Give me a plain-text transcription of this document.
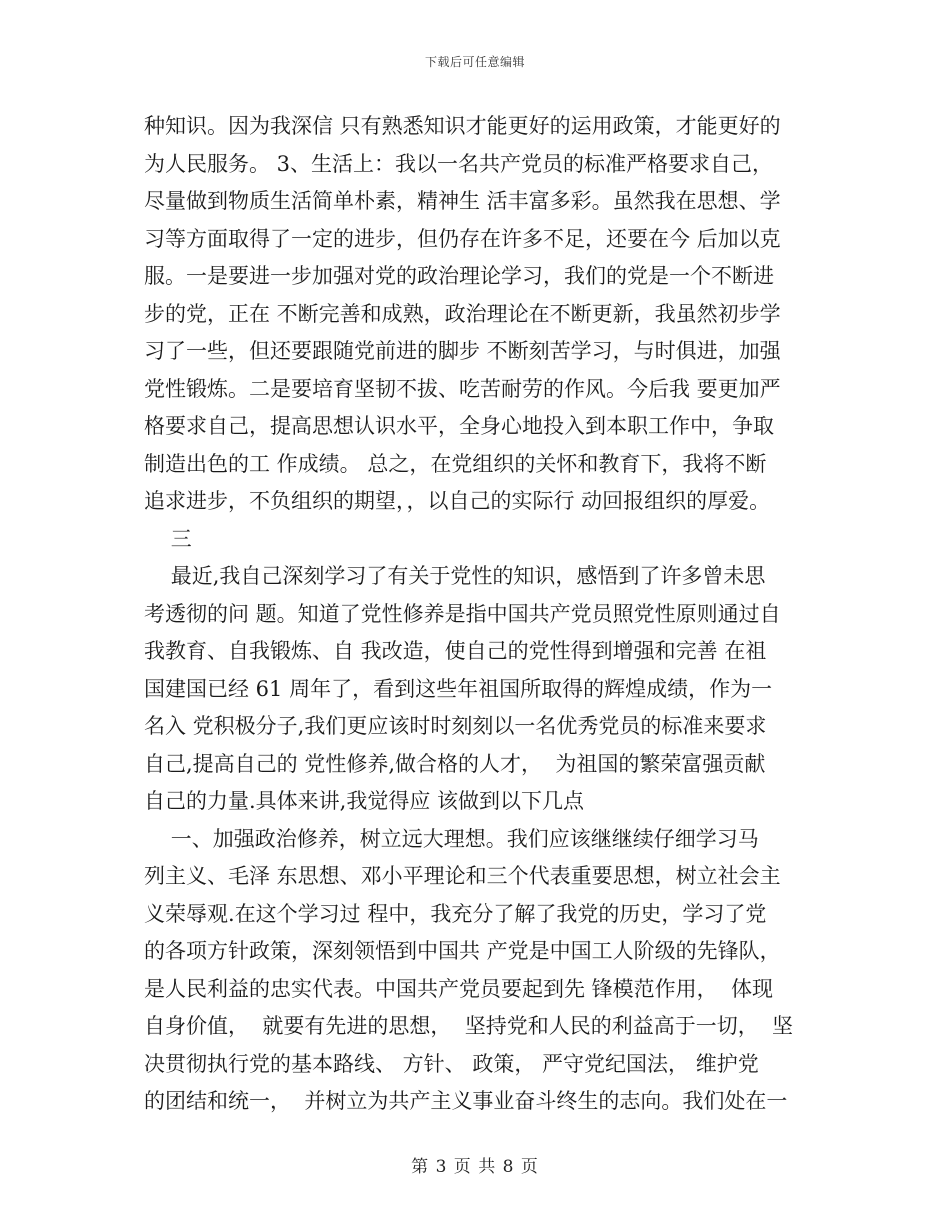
下载后可任意编辑
种知识。因为我深信 只有熟悉知识才能更好的运用政策，才能更好的
为人民服务。 3、生活上：我以一名共产党员的标准严格要求自己，
尽量做到物质生活简单朴素，精神生 活丰富多彩。虽然我在思想、学
习等方面取得了一定的进步，但仍存在许多不足，还要在今 后加以克
服。一是要进一步加强对党的政治理论学习，我们的党是一个不断进
步的党，正在 不断完善和成熟，政治理论在不断更新，我虽然初步学
习了一些，但还要跟随党前进的脚步 不断刻苦学习，与时俱进，加强
党性锻炼。二是要培育坚韧不拔、吃苦耐劳的作风。今后我 要更加严
格要求自己，提高思想认识水平，全身心地投入到本职工作中，争取
制造出色的工 作成绩。 总之，在党组织的关怀和教育下，我将不断
追求进步，不负组织的期望，，以自己的实际行 动回报组织的厚爱。
三
最近,我自己深刻学习了有关于党性的知识，感悟到了许多曾未思
考透彻的问 题。知道了党性修养是指中国共产党员照党性原则通过自
我教育、自我锻炼、自 我改造，使自己的党性得到增强和完善 在祖
国建国已经 61 周年了，看到这些年祖国所取得的辉煌成绩，作为一
名入 党积极分子,我们更应该时时刻刻以一名优秀党员的标准来要求
自己,提高自己的 党性修养,做合格的人才，  为祖国的繁荣富强贡献
自己的力量.具体来讲,我觉得应 该做到以下几点
一、加强政治修养，树立远大理想。我们应该继继续仔细学习马
列主义、毛泽 东思想、邓小平理论和三个代表重要思想，树立社会主
义荣辱观.在这个学习过 程中，我充分了解了我党的历史，学习了党
的各项方针政策，深刻领悟到中国共 产党是中国工人阶级的先锋队，
是人民利益的忠实代表。中国共产党员要起到先 锋模范作用，  体现
自身价值，  就要有先进的思想，  坚持党和人民的利益高于一切，  坚
决贯彻执行党的基本路线、 方针、 政策， 严守党纪国法， 维护党
的团结和统一，  并树立为共产主义事业奋斗终生的志向。我们处在一
第 3 页 共 8 页
